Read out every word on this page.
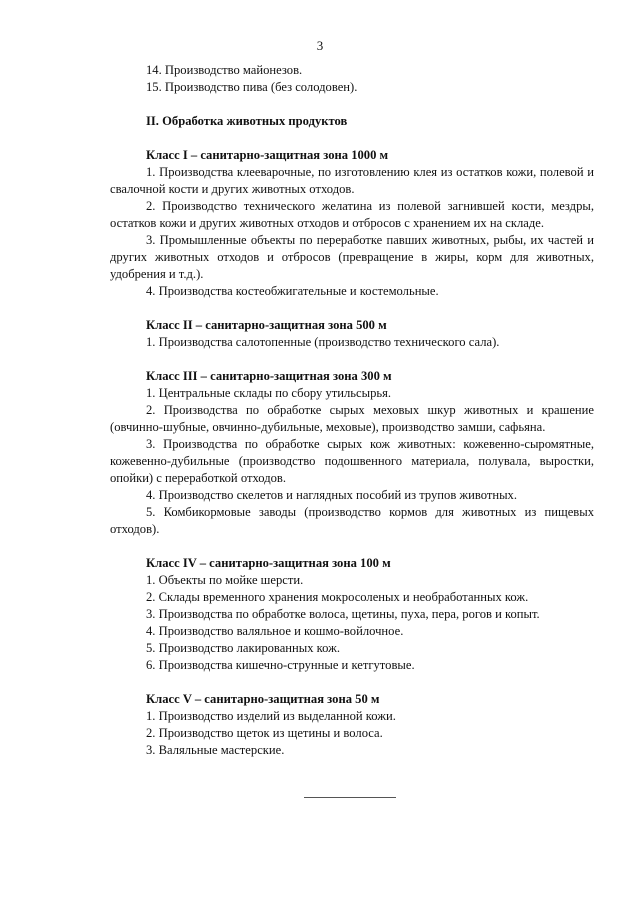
3

14. Производство майонезов.

15. Производство пива (без солодовен).

II. Обработка животных продуктов
Класс I – санитарно-защитная зона 1000 м

1. Производства клееварочные, по изготовлению клея из остатков кожи, полевой и свалочной кости и других животных отходов.

2. Производство технического желатина из полевой загнившей кости, мездры, остатков кожи и других животных отходов и отбросов с хранением их на складе.

3. Промышленные объекты по переработке павших животных, рыбы, их частей и других животных отходов и отбросов (превращение в жиры, корм для животных, удобрения и т.д.).

4. Производства костеобжигательные и костемольные.

Класс II – санитарно-защитная зона 500 м

1. Производства салотопенные (производство технического сала).

Класс III – санитарно-защитная зона 300 м

1. Центральные склады по сбору утильсырья.

2. Производства по обработке сырых меховых шкур животных и крашение (овчинно-шубные, овчинно-дубильные, меховые), производство замши, сафьяна.

3. Производства по обработке сырых кож животных: кожевенно-сыромятные, кожевенно-дубильные (производство подошвенного материала, полувала, выростки, опойки) с переработкой отходов.

4. Производство скелетов и наглядных пособий из трупов животных.

5. Комбикормовые заводы (производство кормов для животных из пищевых отходов).

Класс IV – санитарно-защитная зона 100 м

1. Объекты по мойке шерсти.

2. Склады временного хранения мокросоленых и необработанных кож.

3. Производства по обработке волоса, щетины, пуха, пера, рогов и копыт.

4. Производство валяльное и кошмо-войлочное.

5. Производство лакированных кож.

6. Производства кишечно-струнные и кетгутовые.

Класс V – санитарно-защитная зона 50 м

1. Производство изделий из выделанной кожи.

2. Производство щеток из щетины и волоса.

3. Валяльные мастерские.
